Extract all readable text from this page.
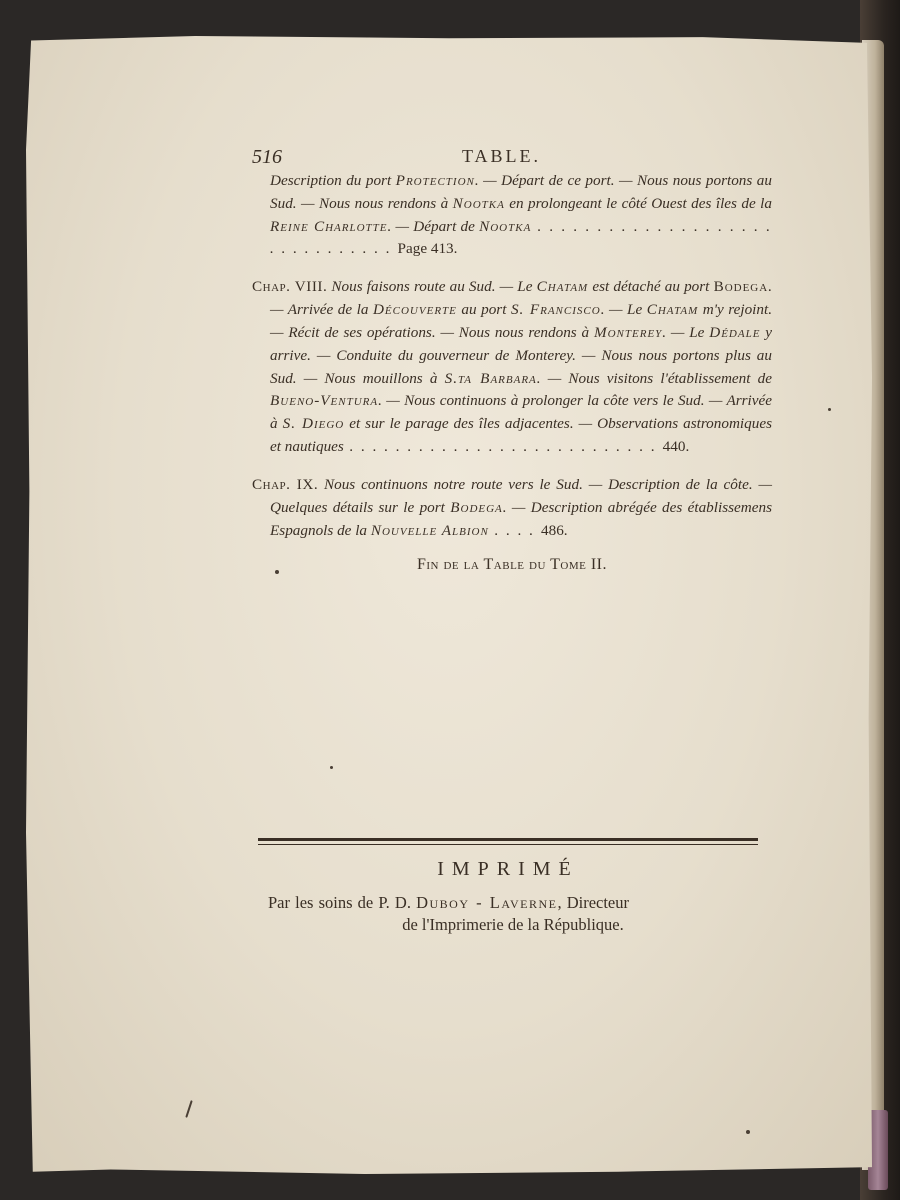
516	TABLE.

Description du port Protection. — Départ de ce port. — Nous nous portons au Sud. — Nous nous rendons à Nootka en prolongeant le côté Ouest des îles de la Reine Charlotte. — Départ de Nootka . . . . . . . . . . . . . . . . . . . . . . . . . . . . . . . Page 413.

Chap. VIII. Nous faisons route au Sud. — Le Chatam est détaché au port Bodega. — Arrivée de la Découverte au port S. Francisco. — Le Chatam m'y rejoint. — Récit de ses opérations. — Nous nous rendons à Monterey. — Le Dédale y arrive. — Conduite du gouverneur de Monterey. — Nous nous portons plus au Sud. — Nous mouillons à S.ta Barbara. — Nous visitons l'établissement de Bueno-Ventura. — Nous continuons à prolonger la côte vers le Sud. — Arrivée à S. Diego et sur le parage des îles adjacentes. — Observations astronomiques et nautiques . . . . . . . . . . . . . . . . . . . . . . . . . . . 440.

Chap. IX. Nous continuons notre route vers le Sud. — Description de la côte. — Quelques détails sur le port Bodega. — Description abrégée des établissemens Espagnols de la Nouvelle Albion . . . . 486.

Fin de la Table du Tome II.
IMPRIMÉ
Par les soins de P. D. Duboy - Laverne, Directeur
de l'Imprimerie de la République.
